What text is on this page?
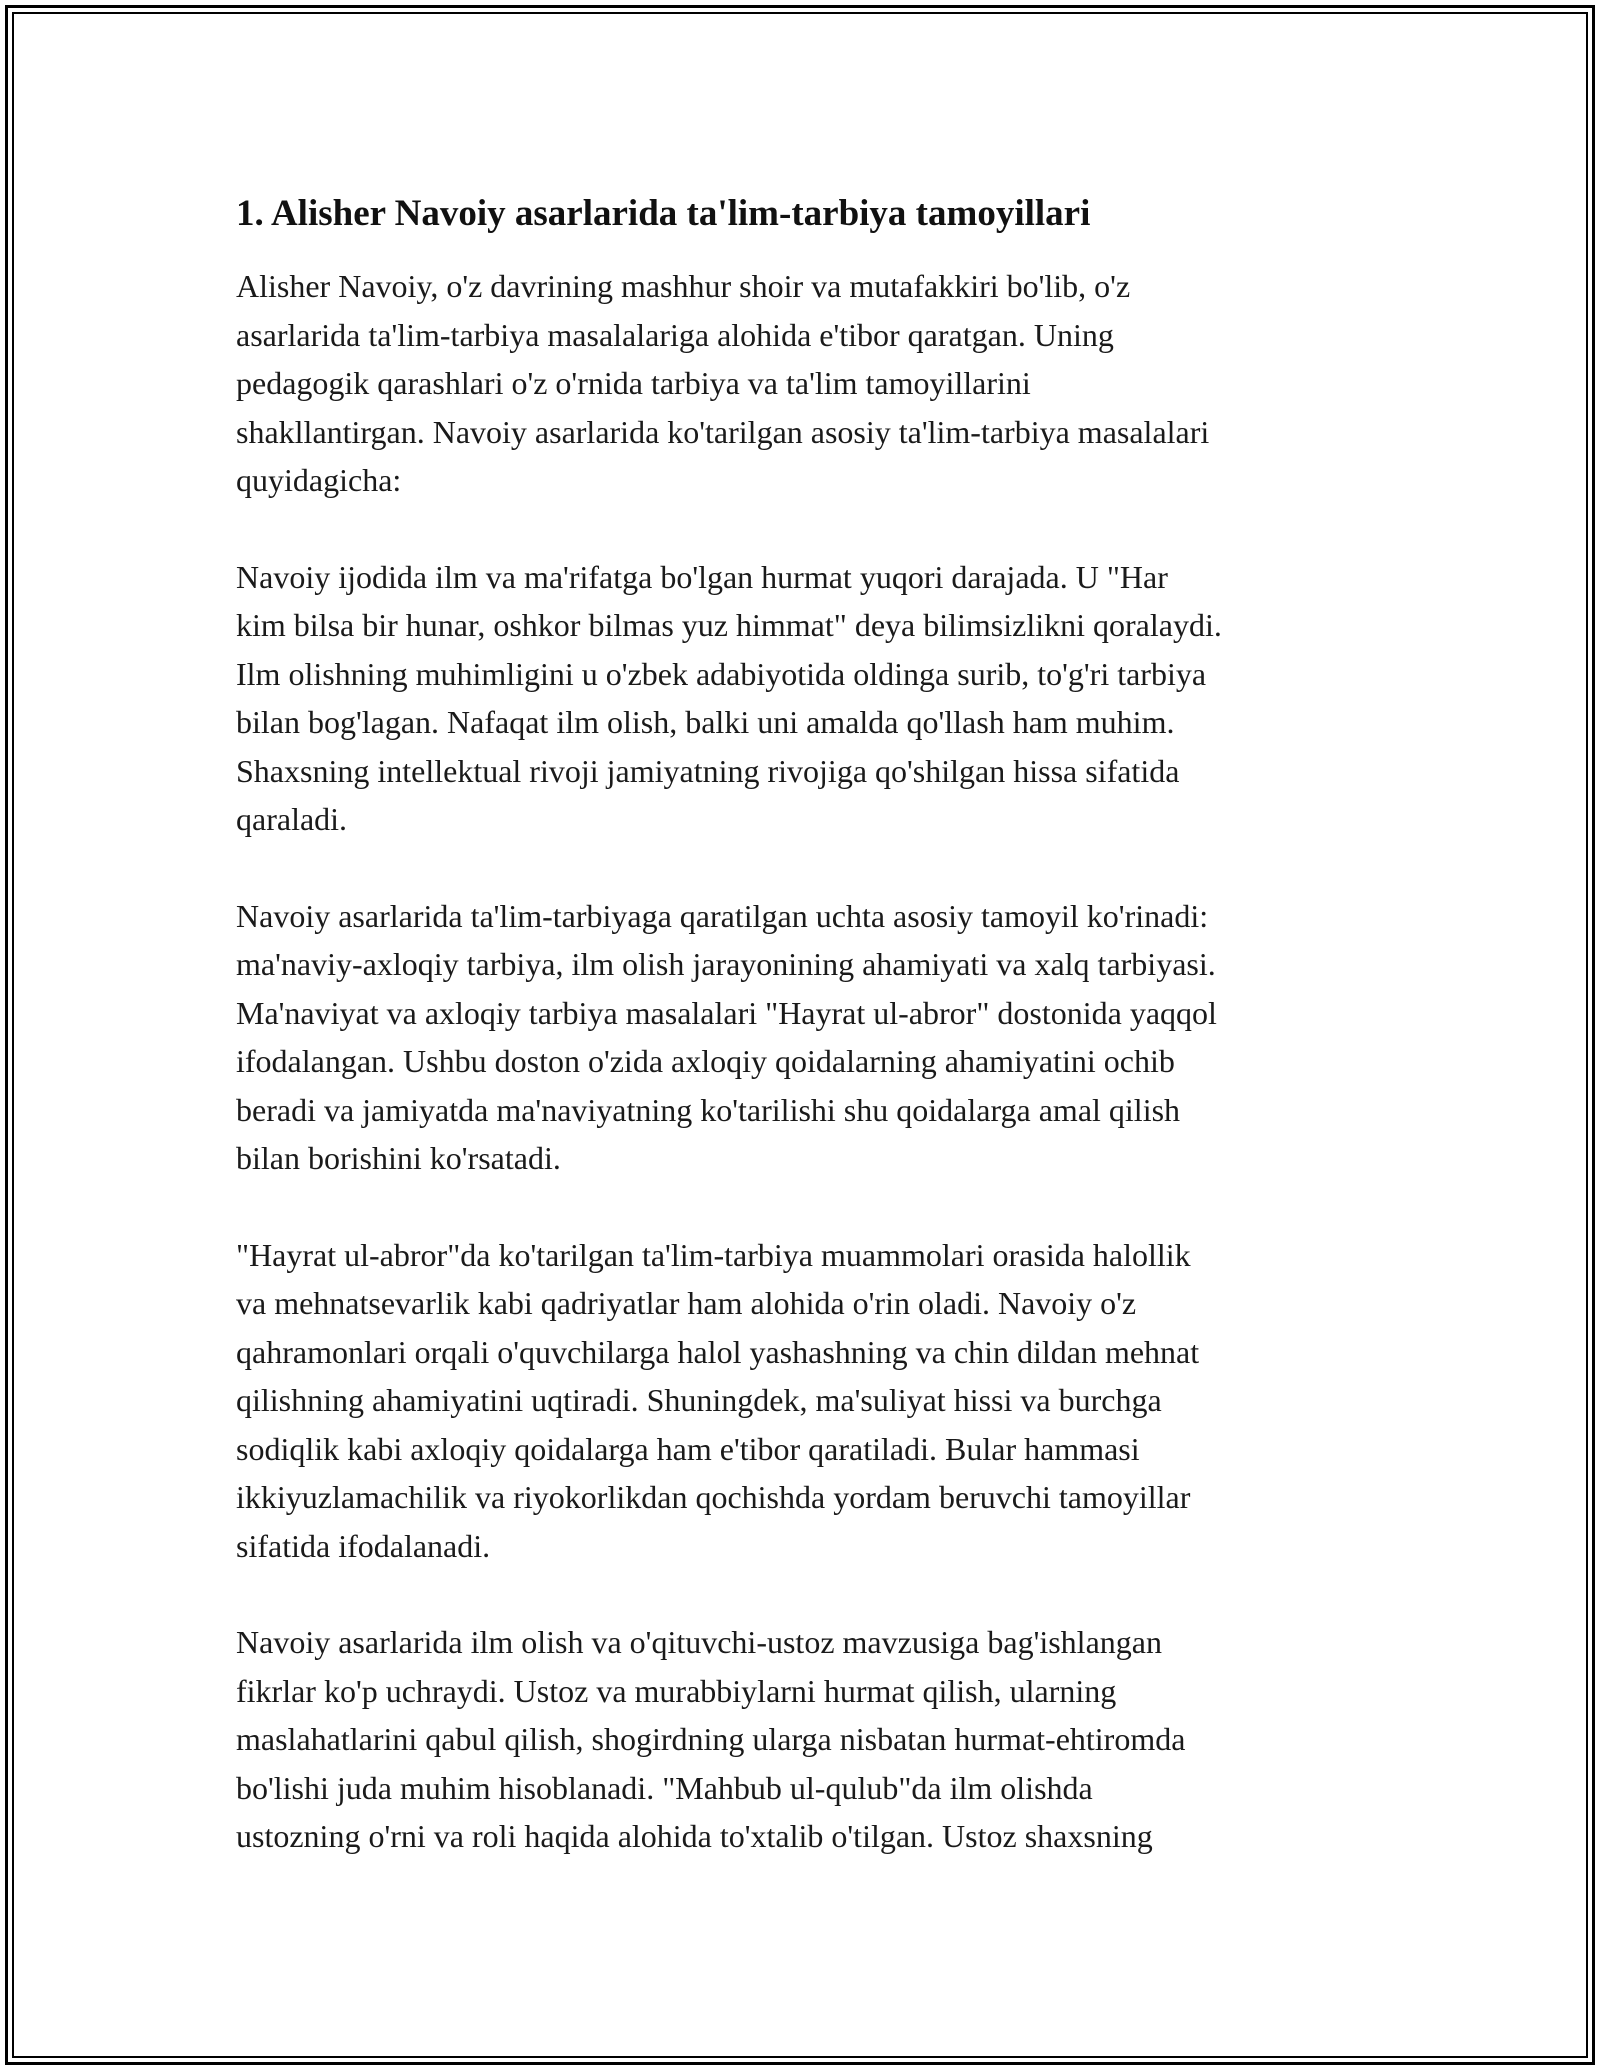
1. Alisher Navoiy asarlarida ta'lim-tarbiya tamoyillari

Alisher Navoiy, o'z davrining mashhur shoir va mutafakkiri bo'lib, o'z
asarlarida ta'lim-tarbiya masalalariga alohida e'tibor qaratgan. Uning
pedagogik qarashlari o'z o'rnida tarbiya va ta'lim tamoyillarini
shakllantirgan. Navoiy asarlarida ko'tarilgan asosiy ta'lim-tarbiya masalalari
quyidagicha:

Navoiy ijodida ilm va ma'rifatga bo'lgan hurmat yuqori darajada. U "Har
kim bilsa bir hunar, oshkor bilmas yuz himmat" deya bilimsizlikni qoralaydi.
Ilm olishning muhimligini u o'zbek adabiyotida oldinga surib, to'g'ri tarbiya
bilan bog'lagan. Nafaqat ilm olish, balki uni amalda qo'llash ham muhim.
Shaxsning intellektual rivoji jamiyatning rivojiga qo'shilgan hissa sifatida
qaraladi.

Navoiy asarlarida ta'lim-tarbiyaga qaratilgan uchta asosiy tamoyil ko'rinadi:
ma'naviy-axloqiy tarbiya, ilm olish jarayonining ahamiyati va xalq tarbiyasi.
Ma'naviyat va axloqiy tarbiya masalalari "Hayrat ul-abror" dostonida yaqqol
ifodalangan. Ushbu doston o'zida axloqiy qoidalarning ahamiyatini ochib
beradi va jamiyatda ma'naviyatning ko'tarilishi shu qoidalarga amal qilish
bilan borishini ko'rsatadi.

"Hayrat ul-abror"da ko'tarilgan ta'lim-tarbiya muammolari orasida halollik
va mehnatsevarlik kabi qadriyatlar ham alohida o'rin oladi. Navoiy o'z
qahramonlari orqali o'quvchilarga halol yashashning va chin dildan mehnat
qilishning ahamiyatini uqtiradi. Shuningdek, ma'suliyat hissi va burchga
sodiqlik kabi axloqiy qoidalarga ham e'tibor qaratiladi. Bular hammasi
ikkiyuzlamachilik va riyokorlikdan qochishda yordam beruvchi tamoyillar
sifatida ifodalanadi.

Navoiy asarlarida ilm olish va o'qituvchi-ustoz mavzusiga bag'ishlangan
fikrlar ko'p uchraydi. Ustoz va murabbiylarni hurmat qilish, ularning
maslahatlarini qabul qilish, shogirdning ularga nisbatan hurmat-ehtiromda
bo'lishi juda muhim hisoblanadi. "Mahbub ul-qulub"da ilm olishda
ustozning o'rni va roli haqida alohida to'xtalib o'tilgan. Ustoz shaxsning
